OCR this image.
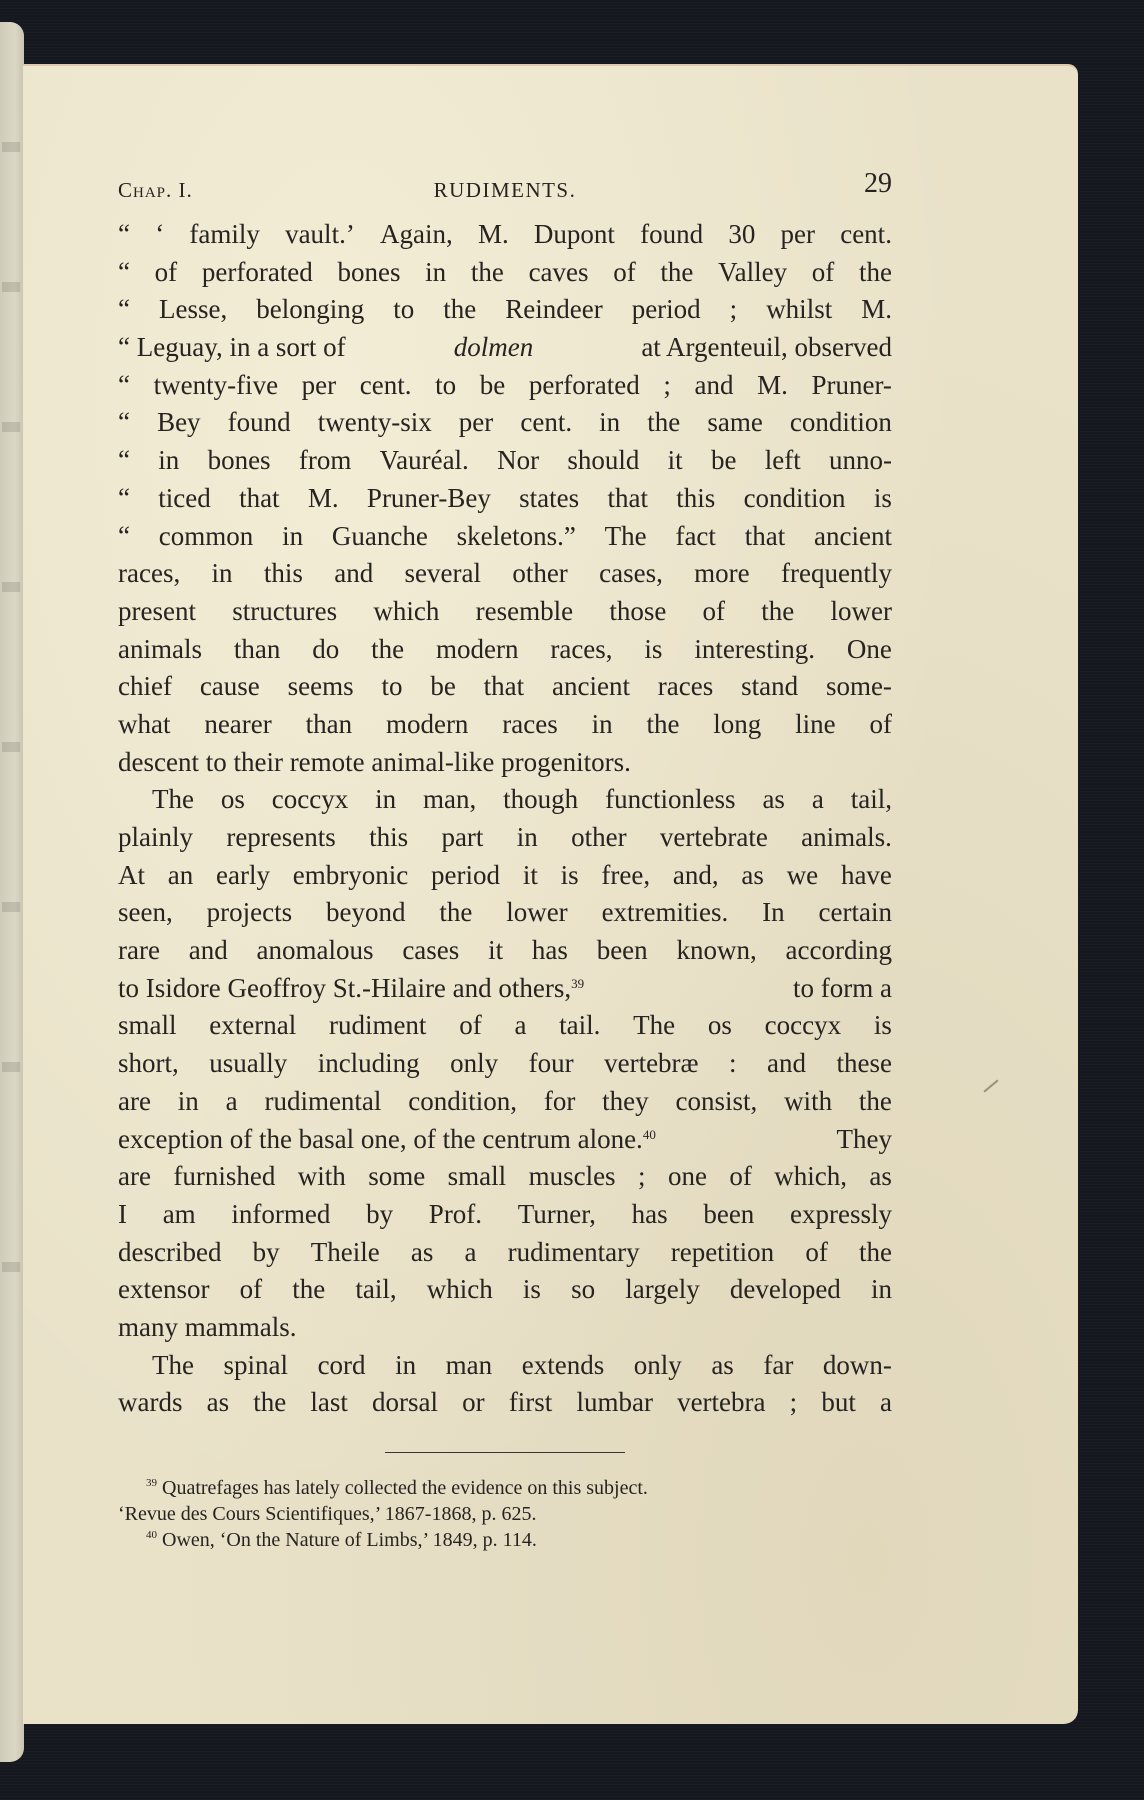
Chap. I.	RUDIMENTS.	29
“ ‘ family vault.’ Again, M. Dupont found 30 per cent.
“ of perforated bones in the caves of the Valley of the
“ Lesse, belonging to the Reindeer period ; whilst M.
“ Leguay, in a sort of	dolmen	at Argenteuil, observed
“ twenty-five per cent. to be perforated ; and M. Pruner-
“ Bey found twenty-six per cent. in the same condition
“ in bones from Vauréal. Nor should it be left unno-
“ ticed that M. Pruner-Bey states that this condition is
“ common in Guanche skeletons.” The fact that ancient
races, in this and several other cases, more frequently
present structures which resemble those of the lower
animals than do the modern races, is interesting. One
chief cause seems to be that ancient races stand some-
what nearer than modern races in the long line of
descent to their remote animal-like progenitors.
The os coccyx in man, though functionless as a tail,
plainly represents this part in other vertebrate animals.
At an early embryonic period it is free, and, as we have
seen, projects beyond the lower extremities. In certain
rare and anomalous cases it has been known, according
to Isidore Geoffroy St.-Hilaire and others,$^{39}$	to form a
small external rudiment of a tail. The os coccyx is
short, usually including only four vertebræ : and these
are in a rudimental condition, for they consist, with the
exception of the basal one, of the centrum alone.$^{40}$	They
are furnished with some small muscles ; one of which, as
I am informed by Prof. Turner, has been expressly
described by Theile as a rudimentary repetition of the
extensor of the tail, which is so largely developed in
many mammals.
The spinal cord in man extends only as far down-
wards as the last dorsal or first lumbar vertebra ; but a
$^{39}$ Quatrefages has lately collected the evidence on this subject.
‘Revue des Cours Scientifiques,’ 1867-1868, p. 625.
$^{40}$ Owen, ‘On the Nature of Limbs,’ 1849, p. 114.
